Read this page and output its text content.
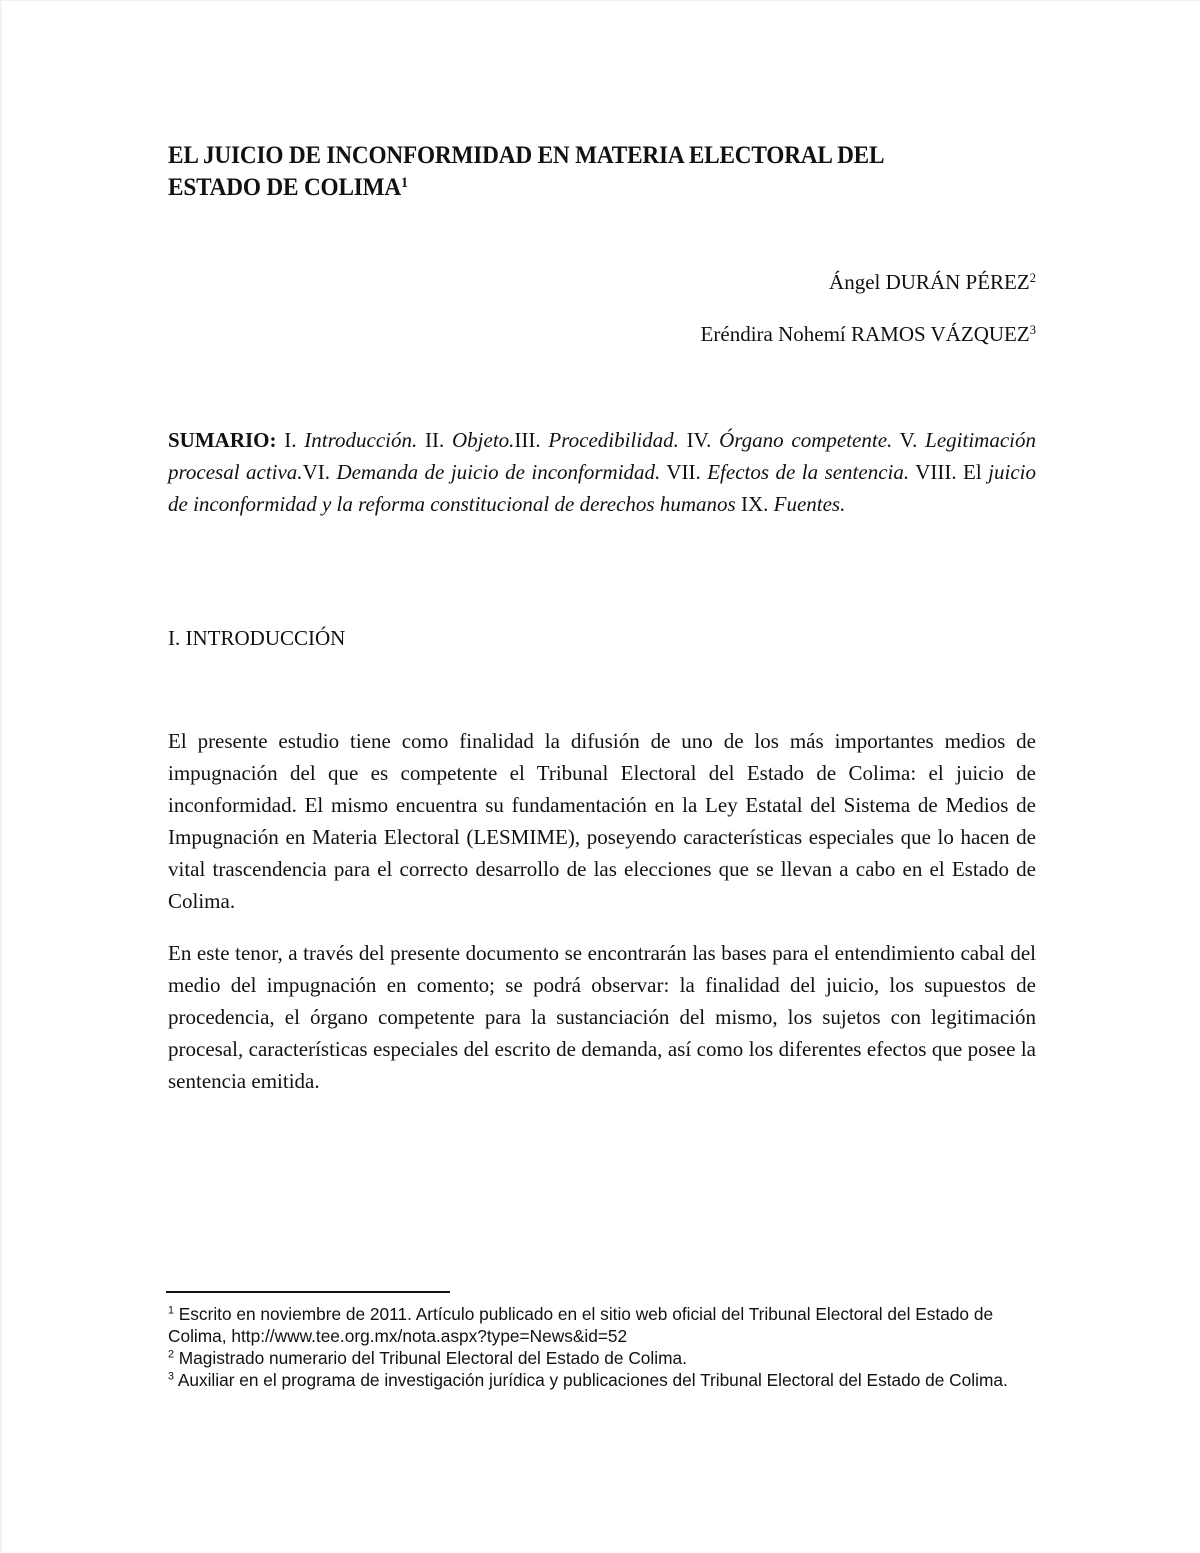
EL JUICIO DE INCONFORMIDAD EN MATERIA ELECTORAL DEL ESTADO DE COLIMA$^1$

Ángel DURÁN PÉREZ$^2$

Eréndira Nohemí RAMOS VÁZQUEZ$^3$

SUMARIO: I. Introducción. II. Objeto.III. Procedibilidad. IV. Órgano competente. V. Legitimación procesal activa.VI. Demanda de juicio de inconformidad. VII. Efectos de la sentencia. VIII. El juicio de inconformidad y la reforma constitucional de derechos humanos IX. Fuentes.

I. INTRODUCCIÓN

El presente estudio tiene como finalidad la difusión de uno de los más importantes medios de impugnación del que es competente el Tribunal Electoral del Estado de Colima: el juicio de inconformidad. El mismo encuentra su fundamentación en la Ley Estatal del Sistema de Medios de Impugnación en Materia Electoral (LESMIME), poseyendo características especiales que lo hacen de vital trascendencia para el correcto desarrollo de las elecciones que se llevan a cabo en el Estado de Colima.

En este tenor, a través del presente documento se encontrarán las bases para el entendimiento cabal del medio del impugnación en comento; se podrá observar: la finalidad del juicio, los supuestos de procedencia, el órgano competente para la sustanciación del mismo, los sujetos con legitimación procesal, características especiales del escrito de demanda, así como los diferentes efectos que posee la sentencia emitida.

$^1$ Escrito en noviembre de 2011. Artículo publicado en el sitio web oficial del Tribunal Electoral del Estado de Colima, http://www.tee.org.mx/nota.aspx?type=News&id=52

$^2$ Magistrado numerario del Tribunal Electoral del Estado de Colima.

$^3$ Auxiliar en el programa de investigación jurídica y publicaciones del Tribunal Electoral del Estado de Colima.
